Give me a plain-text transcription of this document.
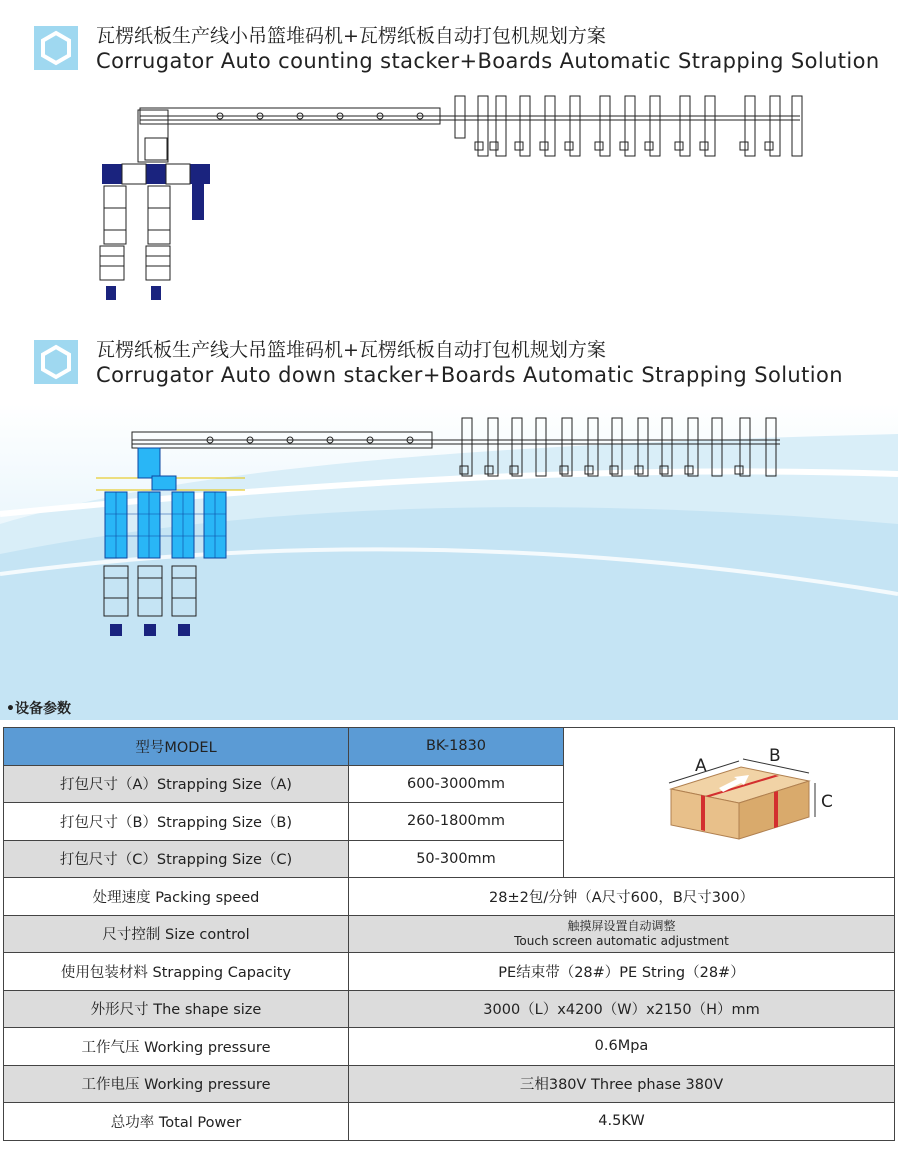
瓦楞纸板生产线小吊篮堆码机+瓦楞纸板自动打包机规划方案
Corrugator Auto counting stacker+Boards Automatic Strapping Solution
瓦楞纸板生产线大吊篮堆码机+瓦楞纸板自动打包机规划方案
Corrugator Auto down stacker+Boards Automatic Strapping Solution
•设备参数
型号MODEL	BK-1830	A B
C

打包尺寸（A）Strapping Size（A)	600-3000mm	
打包尺寸（B）Strapping Size（B)	260-1800mm	
打包尺寸（C）Strapping Size（C)	50-300mm	
处理速度 Packing speed	28±2包/分钟（A尺寸600，B尺寸300）	
尺寸控制 Size control	触摸屏设置自动调整
Touch screen automatic adjustment	

使用包装材料 Strapping Capacity	PE结束带（28#）PE String（28#）	
外形尺寸 The shape size	3000（L）x4200（W）x2150（H）mm	
工作气压 Working pressure	0.6Mpa	
工作电压 Working pressure	三相380V Three phase 380V	
总功率 Total Power	4.5KW	
